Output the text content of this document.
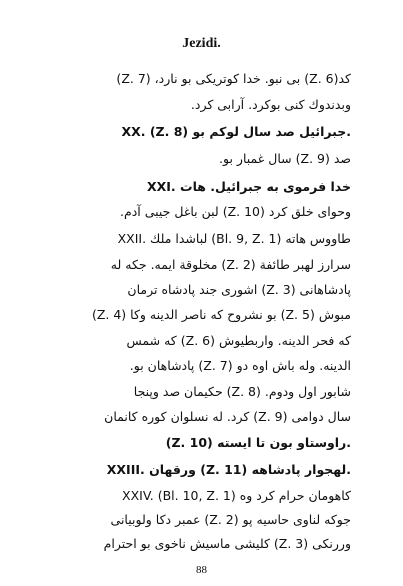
Jezidi.
كد(Z. 6) بى نبو. خدا كوتريكى بو نارد، (Z. 7)
وبدندوك كنى بوكرد. آرابى كرد.
XX. (Z. 8) جبرائيل صد سال لوكم بو.
صد (Z. 9) سال غمبار بو.
XXI. خدا فرموى به جبرائيل. هات
وحواى خلق كرد (Z. 10) لبن باغل جيبى آدم.
XXII. لباشدا ملك (Bl. 9, Z. 1) طاووس هاته
سرارز لهبر طائفة (Z. 2) مخلوقة ايمه. جكه له
پادشاهانى (Z. 3) اشورى جند پادشاه ترمان
(Z. 4) بو نشروح كه ناصر الدينه وكا (Z. 5) مبوش
كه فحر الدينه. واربطيوش (Z. 6) كه شمس
الدينه. وله باش اوه دو (Z. 7) پادشاهان بو.
شابور اول ودوم. (Z. 8) حكيمان صد وپنجا
سال دوامى (Z. 9) كرد. له نسلوان كوره كانمان
(Z. 10) راوستاو بون تا ايسته.
XXIII. ورقهان (Z. 11) لهجوار پادشاهه.
XXIV. (Bl. 10, Z. 1) كاهومان حرام كرد وه
جوكه لناوى حاسيه پو (Z. 2) عمبر دكا ولوبيانى
وررنكى (Z. 3) كليشى ماسيش ناخوى بو احترام
88
